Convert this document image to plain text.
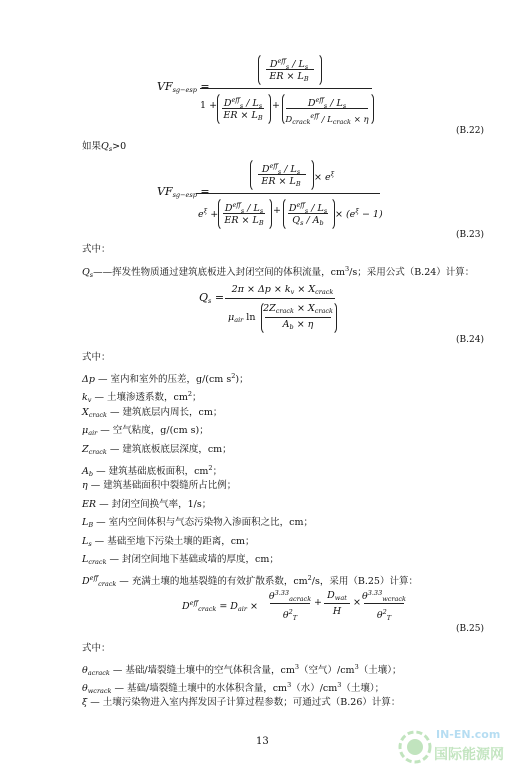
$VF_{sg-esp}$ =
$D^{eff}_s / L_s$
ER × $L_B$
$1 + D^{eff}_s / L_s$
ER × $L_B$
+	$D^{eff}_s / L_s$
$D_{crack}^{eff} / L_{crack} \times \eta$
(B.22)
如果$Q_s>0$
$VF_{sg-esp}$ =
$D^{eff}_s / L_s$
ER × $L_B$
× $e^\xi$
$e^\xi$ +
$D^{eff}_s / L_s$
ER × $L_B$
+ $D^{eff}_s / L_s$
$Q_s / A_b$
× $(e^\xi - 1)$
(B.23)
式中：
$Q_s——$挥发性物质通过建筑底板进入封闭空间的体积流量，$cm^3/s$；采用公式（B.24）计算：
$Q_s$ =
$2\pi \times \Delta p \times k_v \times X_{crack}$
$\mu_{air}$ ln
$2Z_{crack} \times X_{crack}$
$A_b \times \eta$
(B.24)
式中：
Δp — 室内和室外的压差，g/(cm $s^2$)；
$k_v$ — 土壤渗透系数，$cm^2$；
$X_{crack}$ — 建筑底层内周长，cm；
$\mu_{air}$ — 空气粘度，g/(cm s)；
$Z_{crack}$ — 建筑底板底层深度，cm；
$A_b$ — 建筑基础底板面积，$cm^2$；
η — 建筑基础面积中裂缝所占比例；
ER — 封闭空间换气率，1/s；
$L_B$ — 室内空间体积与气态污染物入渗面积之比，cm；
$L_s$ — 基础至地下污染土壤的距离，cm；
$L_{crack}$ — 封闭空间地下基础或墙的厚度，cm；
$D^{eff}_{crack}$ — 充满土壤的地基裂缝的有效扩散系数，$cm^2/s$，采用（B.25）计算：
$D^{eff}_{crack} = D_{air}$ ×
$\theta^{3.33}_{acrack}$
$\theta^2_T$
+
$D_{wat}$
H
×
$\theta^{3.33}_{wcrack}$
$\theta^2_T$
(B.25)
式中：
$\theta_{acrack}$ — 基础/墙裂缝土壤中的空气体积含量，$cm^3$（空气）$/cm^3$（土壤）；
$\theta_{wcrack}$ — 基础/墙裂缝土壤中的水体积含量，$cm^3$（水）$/cm^3$（土壤）；
ξ — 土壤污染物进入室内挥发因子计算过程参数；可通过式（B.26）计算：
13
IN-EN.com
国际能源网
